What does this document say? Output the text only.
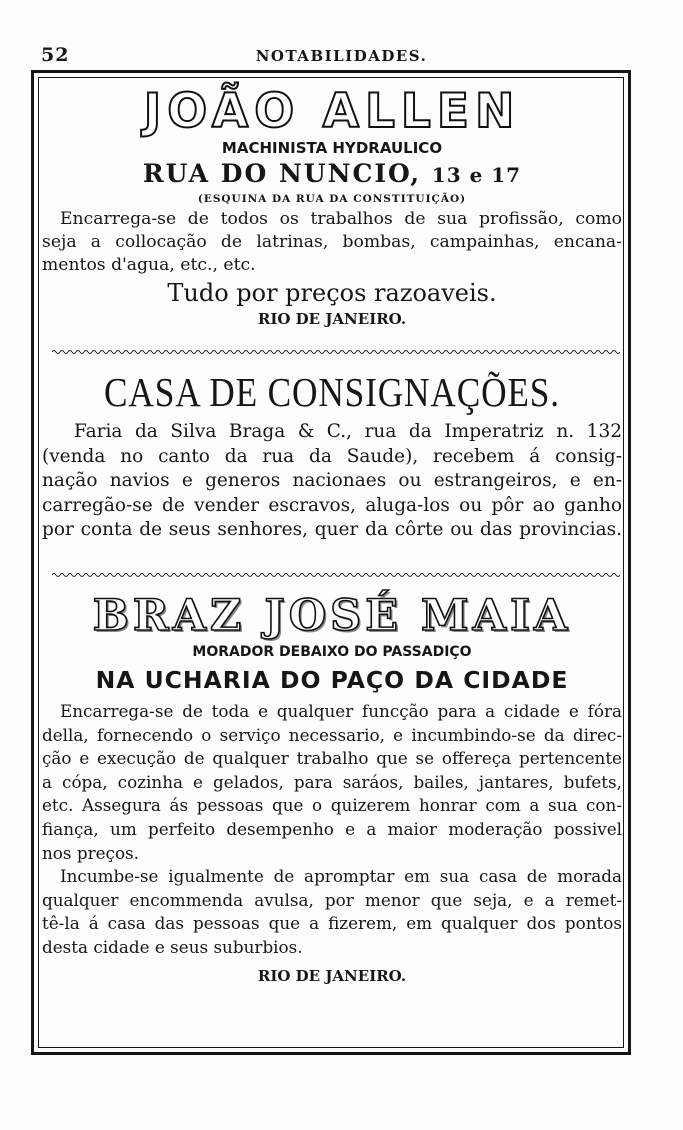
52	NOTABILIDADES.
JOÃO ALLEN
MACHINISTA HYDRAULICO
RUA DO NUNCIO, 13 e 17
(ESQUINA DA RUA DA CONSTITUIÇÃO)
Encarrega-se de todos os trabalhos de sua profissão, como
seja a collocação de latrinas, bombas, campainhas, encana-
mentos d'agua, etc., etc.
Tudo por preços razoaveis.
RIO DE JANEIRO.
CASA DE CONSIGNAÇÕES.
Faria da Silva Braga & C., rua da Imperatriz n. 132
(venda no canto da rua da Saude), recebem á consig-
nação navios e generos nacionaes ou estrangeiros, e en-
carregão-se de vender escravos, aluga-los ou pôr ao ganho
por conta de seus senhores, quer da côrte ou das provincias.
BRAZ JOSÉ MAIA
MORADOR DEBAIXO DO PASSADIÇO
NA UCHARIA DO PAÇO DA CIDADE
Encarrega-se de toda e qualquer funcção para a cidade e fóra
della, fornecendo o serviço necessario, e incumbindo-se da direc-
ção e execução de qualquer trabalho que se offereça pertencente
a cópa, cozinha e gelados, para saráos, bailes, jantares, bufets,
etc. Assegura ás pessoas que o quizerem honrar com a sua con-
fiança, um perfeito desempenho e a maior moderação possivel
nos preços.
Incumbe-se igualmente de apromptar em sua casa de morada
qualquer encommenda avulsa, por menor que seja, e a remet-
tê-la á casa das pessoas que a fizerem, em qualquer dos pontos
desta cidade e seus suburbios.
RIO DE JANEIRO.
